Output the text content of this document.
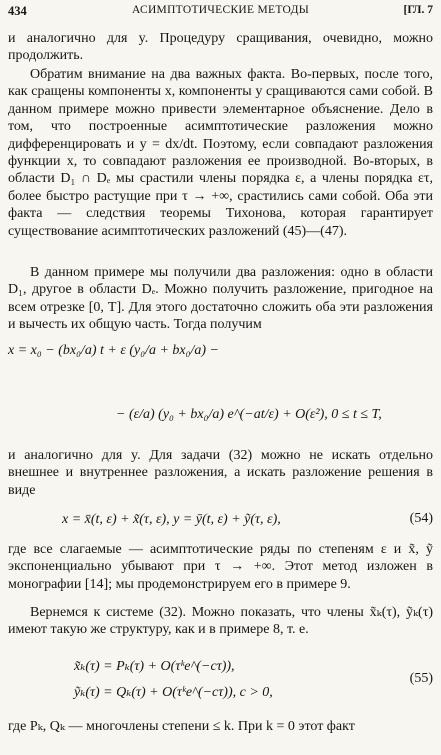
434	АСИМПТОТИЧЕСКИЕ МЕТОДЫ	[ГЛ. 7

и аналогично для y. Процедуру сращивания, очевидно, можно продолжить.

Обратим внимание на два важных факта. Во-первых, после того, как сращены компоненты x, компоненты y сращиваются сами собой. В данном примере можно привести элементарное объяснение. Дело в том, что построенные асимптотические разложения можно дифференцировать и y = dx/dt. Поэтому, если совпадают разложения функции x, то совпадают разложения ее производной. Во-вторых, в области D₁ ∩ Dₑ мы срастили члены порядка ε, а члены порядка ετ, более быстро растущие при τ → +∞, срастились сами собой. Оба эти факта — следствия теоремы Тихонова, которая гарантирует существование асимптотических разложений (45)—(47).

В данном примере мы получили два разложения: одно в области D₁, другое в области Dₑ. Можно получить разложение, пригодное на всем отрезке [0, T]. Для этого достаточно сложить оба эти разложения и вычесть их общую часть. Тогда получим

x = x₀ − (bx₀/a) t + ε (y₀/a + bx₀/a) −
− (ε/a) (y₀ + bx₀/a) e^(−at/ε) + O(ε²), 0 ≤ t ≤ T,

и аналогично для y. Для задачи (32) можно не искать отдельно внешнее и внутреннее разложения, а искать разложение решения в виде

x = x̄(t, ε) + x̃(τ, ε), y = ȳ(t, ε) + ỹ(τ, ε),	(54)

где все слагаемые — асимптотические ряды по степеням ε и x̃, ỹ экспоненциально убывают при τ → +∞. Этот метод изложен в монографии [14]; мы продемонстрируем его в примере 9.

Вернемся к системе (32). Можно показать, что члены x̃ₖ(τ), ỹₖ(τ) имеют такую же структуру, как и в примере 8, т. е.

x̃ₖ(τ) = Pₖ(τ) + O(τᵏe^(−cτ)),
ỹₖ(τ) = Qₖ(τ) + O(τᵏe^(−cτ)), c > 0,
(55)

где Pₖ, Qₖ — многочлены степени ≤ k. При k = 0 этот факт
